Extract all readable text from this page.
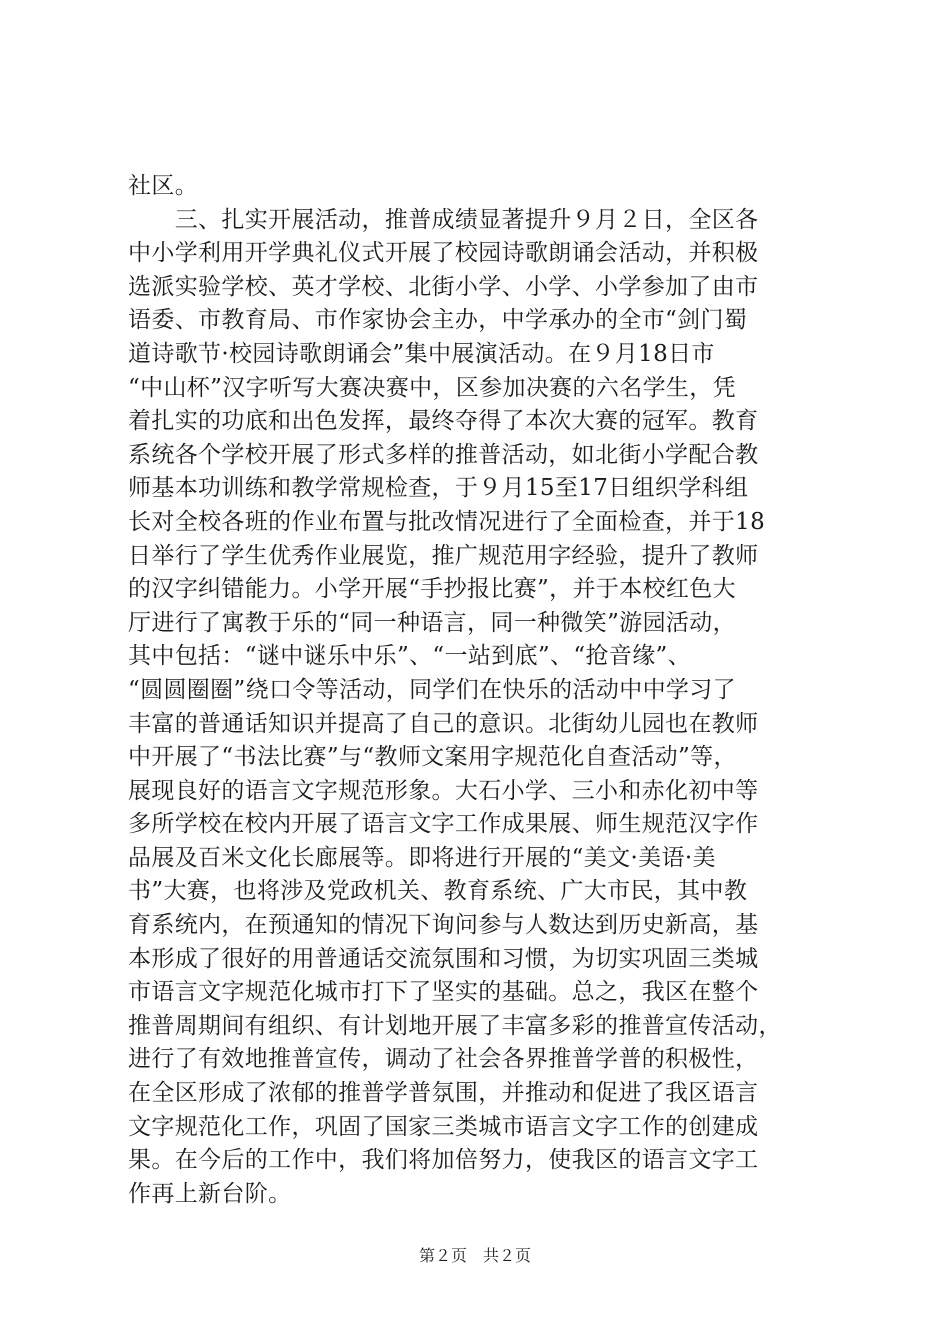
社区。
　　三、扎实开展活动，推普成绩显著提升９月２日，全区各
中小学利用开学典礼仪式开展了校园诗歌朗诵会活动，并积极
选派实验学校、英才学校、北街小学、小学、小学参加了由市
语委、市教育局、市作家协会主办，中学承办的全市“剑门蜀
道诗歌节·校园诗歌朗诵会”集中展演活动。在９月18日市
“中山杯”汉字听写大赛决赛中，区参加决赛的六名学生，凭
着扎实的功底和出色发挥，最终夺得了本次大赛的冠军。教育
系统各个学校开展了形式多样的推普活动，如北街小学配合教
师基本功训练和教学常规检查，于９月15至17日组织学科组
长对全校各班的作业布置与批改情况进行了全面检查，并于18
日举行了学生优秀作业展览，推广规范用字经验，提升了教师
的汉字纠错能力。小学开展“手抄报比赛”，并于本校红色大
厅进行了寓教于乐的“同一种语言，同一种微笑”游园活动，
其中包括：“谜中谜乐中乐”、“一站到底”、“抢音缘”、
“圆圆圈圈”绕口令等活动，同学们在快乐的活动中中学习了
丰富的普通话知识并提高了自己的意识。北街幼儿园也在教师
中开展了“书法比赛”与“教师文案用字规范化自查活动”等，
展现良好的语言文字规范形象。大石小学、三小和赤化初中等
多所学校在校内开展了语言文字工作成果展、师生规范汉字作
品展及百米文化长廊展等。即将进行开展的“美文·美语·美
书”大赛，也将涉及党政机关、教育系统、广大市民，其中教
育系统内，在预通知的情况下询问参与人数达到历史新高，基
本形成了很好的用普通话交流氛围和习惯，为切实巩固三类城
市语言文字规范化城市打下了坚实的基础。总之，我区在整个
推普周期间有组织、有计划地开展了丰富多彩的推普宣传活动，
进行了有效地推普宣传，调动了社会各界推普学普的积极性，
在全区形成了浓郁的推普学普氛围，并推动和促进了我区语言
文字规范化工作，巩固了国家三类城市语言文字工作的创建成
果。在今后的工作中，我们将加倍努力，使我区的语言文字工
作再上新台阶。
第２页　共２页
